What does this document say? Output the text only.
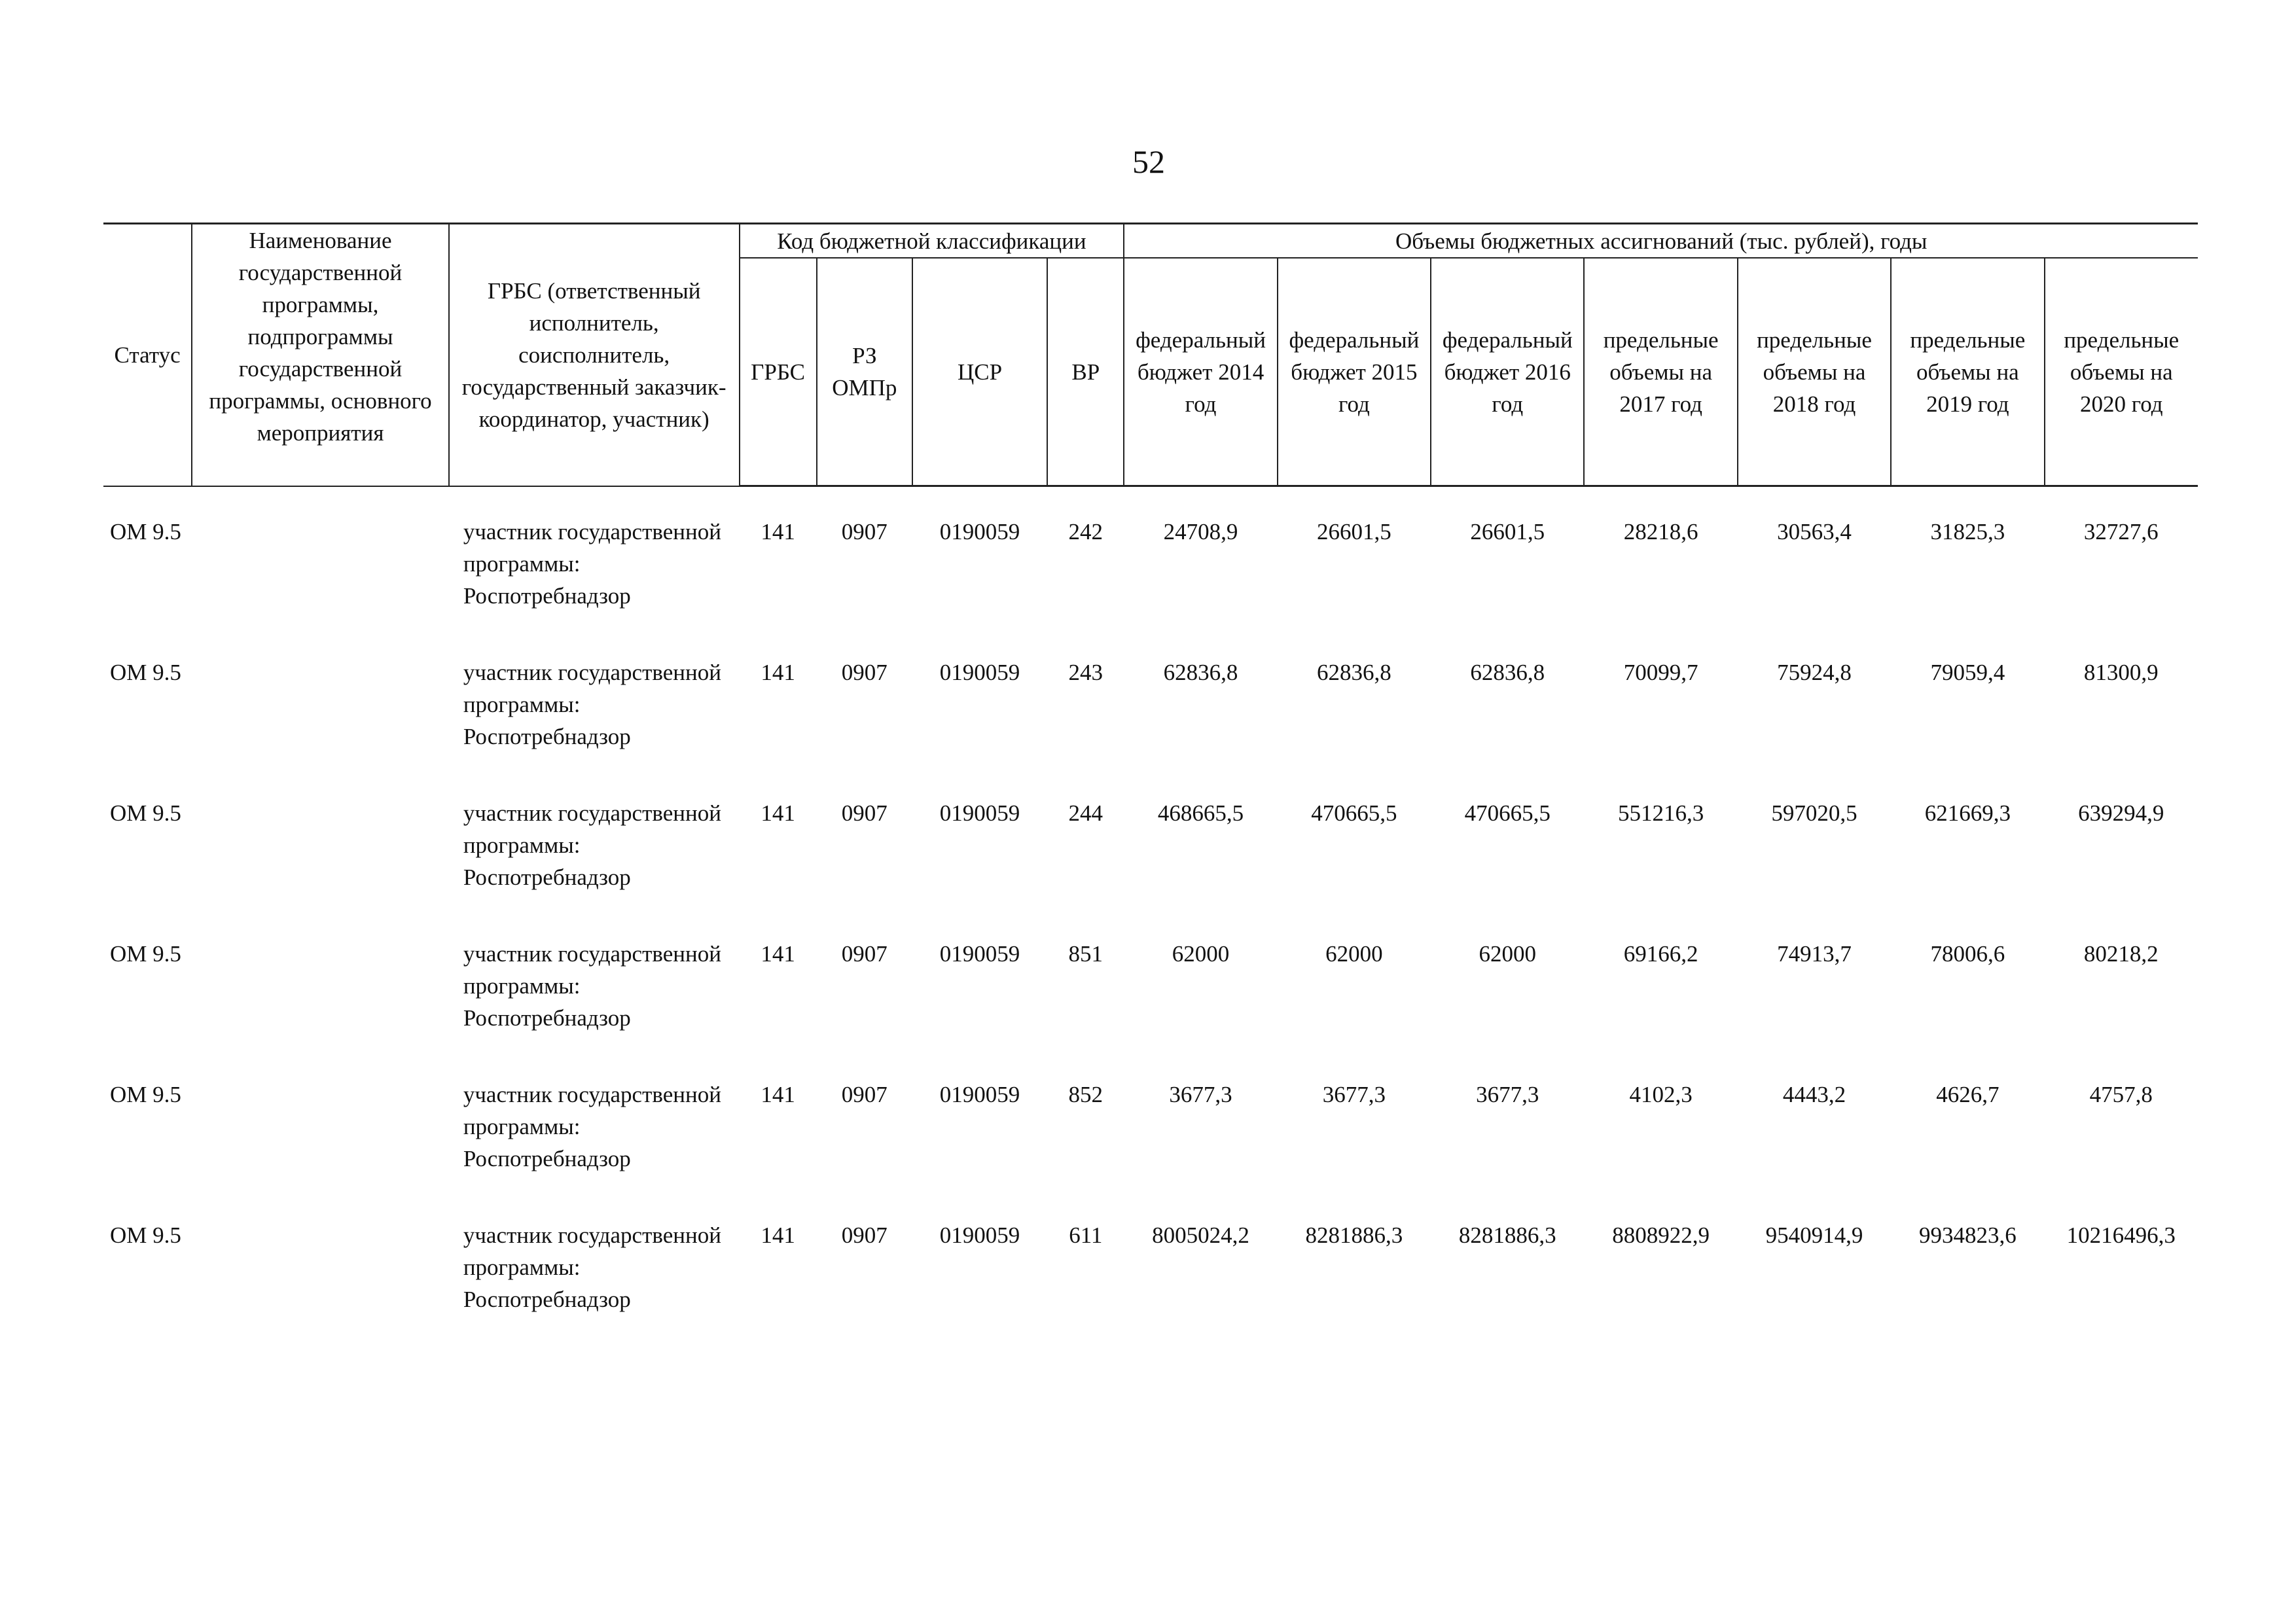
52
Статус	Наименование государственной программы, подпрограммы государственной программы, основного мероприятия	ГРБС (ответственный исполнитель, соисполнитель, государственный заказчик-координатор, участник)	Код бюджетной классификации				Объемы бюджетных ассигнований (тыс. рублей), годы						
			ГРБС	РЗ ОМПр	ЦСР	ВР	федеральный бюджет 2014 год	федеральный бюджет 2015 год	федеральный бюджет 2016 год	предельные объемы на 2017 год	предельные объемы на 2018 год	предельные объемы на 2019 год	предельные объемы на 2020 год

ОМ 9.5		участник государственной программы: Роспотребнадзор	141	0907	0190059	242	24708,9	26601,5	26601,5	28218,6	30563,4	31825,3	32727,6
ОМ 9.5		участник государственной программы: Роспотребнадзор	141	0907	0190059	243	62836,8	62836,8	62836,8	70099,7	75924,8	79059,4	81300,9
ОМ 9.5		участник государственной программы: Роспотребнадзор	141	0907	0190059	244	468665,5	470665,5	470665,5	551216,3	597020,5	621669,3	639294,9
ОМ 9.5		участник государственной программы: Роспотребнадзор	141	0907	0190059	851	62000	62000	62000	69166,2	74913,7	78006,6	80218,2
ОМ 9.5		участник государственной программы: Роспотребнадзор	141	0907	0190059	852	3677,3	3677,3	3677,3	4102,3	4443,2	4626,7	4757,8
ОМ 9.5		участник государственной программы: Роспотребнадзор	141	0907	0190059	611	8005024,2	8281886,3	8281886,3	8808922,9	9540914,9	9934823,6	10216496,3
